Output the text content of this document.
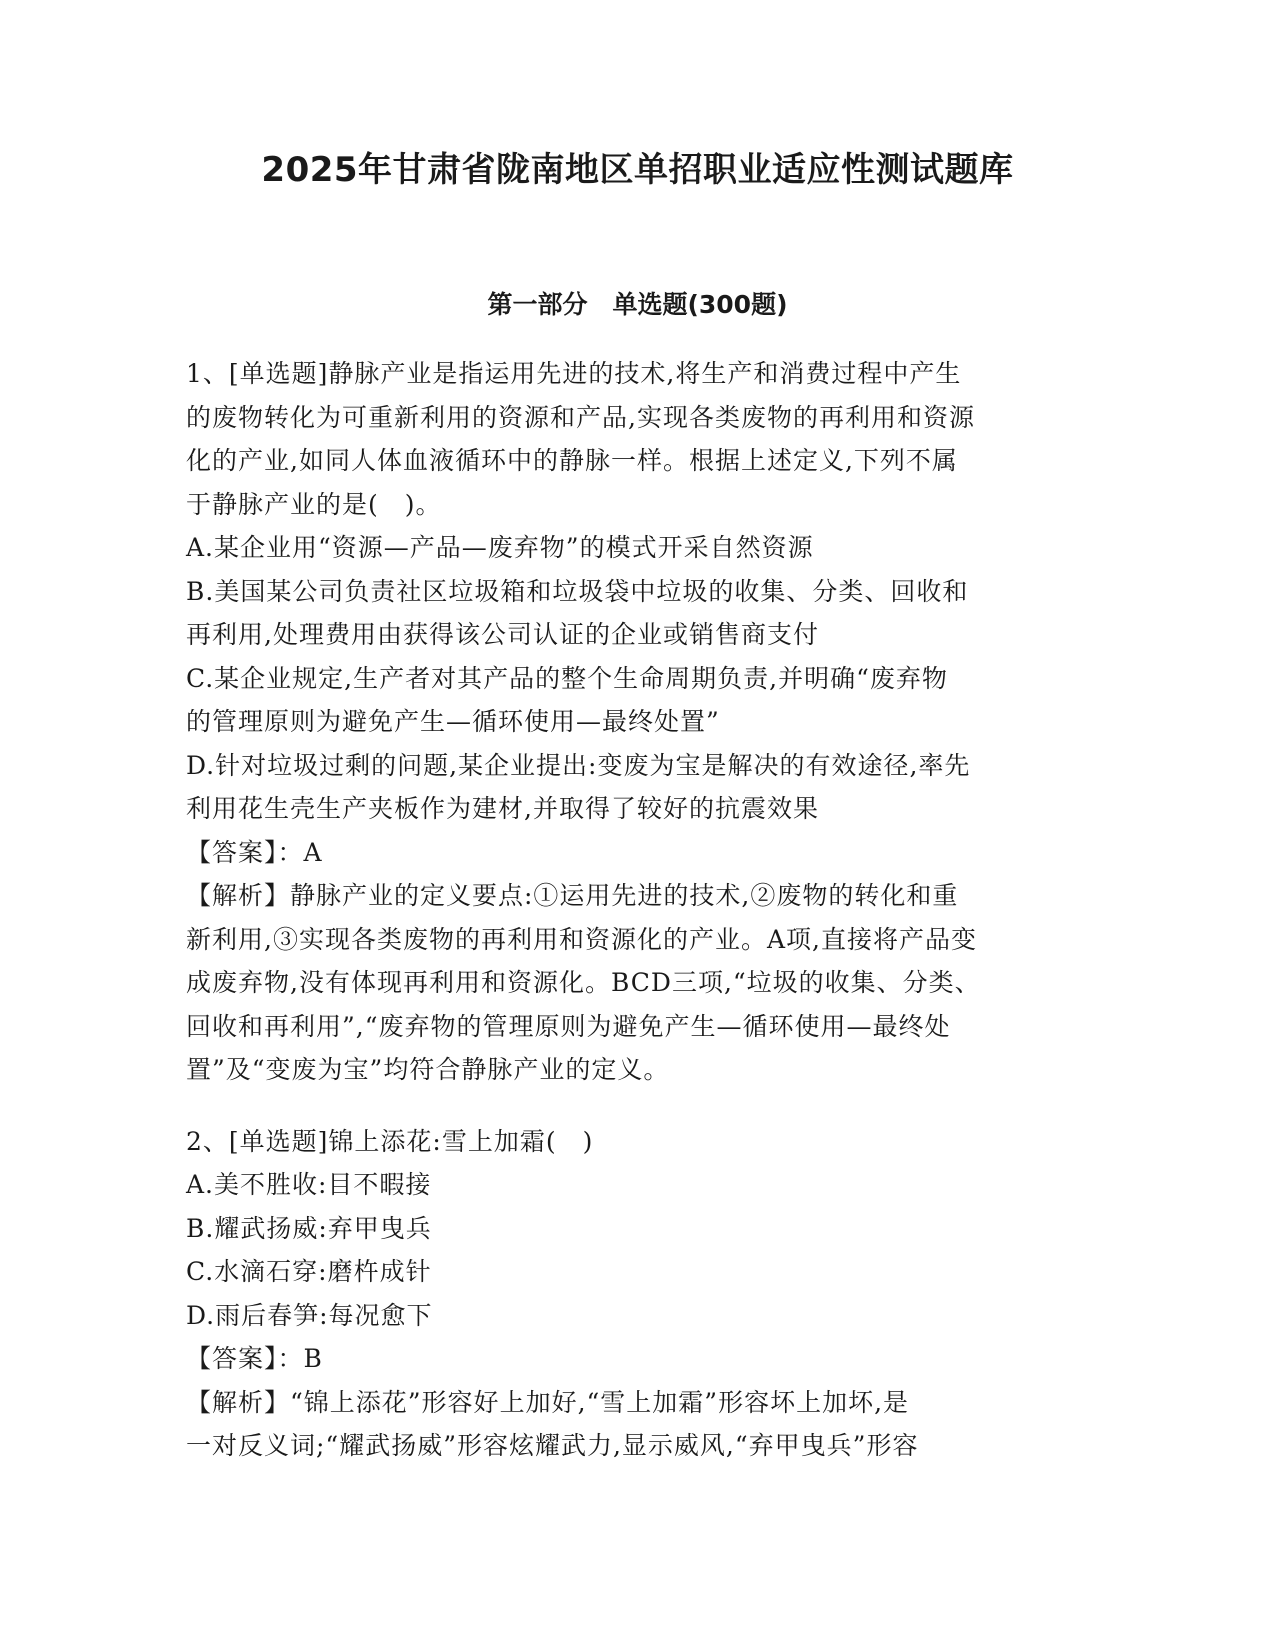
2025年甘肃省陇南地区单招职业适应性测试题库
第一部分　单选题(300题)

1、[单选题]静脉产业是指运用先进的技术,将生产和消费过程中产生

的废物转化为可重新利用的资源和产品,实现各类废物的再利用和资源

化的产业,如同人体血液循环中的静脉一样。根据上述定义,下列不属

于静脉产业的是(　)。

A.某企业用“资源—产品—废弃物”的模式开采自然资源

B.美国某公司负责社区垃圾箱和垃圾袋中垃圾的收集、分类、回收和

再利用,处理费用由获得该公司认证的企业或销售商支付

C.某企业规定,生产者对其产品的整个生命周期负责,并明确“废弃物

的管理原则为避免产生—循环使用—最终处置”

D.针对垃圾过剩的问题,某企业提出:变废为宝是解决的有效途径,率先

利用花生壳生产夹板作为建材,并取得了较好的抗震效果

【答案】：A

【解析】静脉产业的定义要点:①运用先进的技术,②废物的转化和重

新利用,③实现各类废物的再利用和资源化的产业。A项,直接将产品变

成废弃物,没有体现再利用和资源化。BCD三项,“垃圾的收集、分类、

回收和再利用”,“废弃物的管理原则为避免产生—循环使用—最终处

置”及“变废为宝”均符合静脉产业的定义。

2、[单选题]锦上添花:雪上加霜(　)

A.美不胜收:目不暇接

B.耀武扬威:弃甲曳兵

C.水滴石穿:磨杵成针

D.雨后春笋:每况愈下

【答案】：B

【解析】“锦上添花”形容好上加好,“雪上加霜”形容坏上加坏,是

一对反义词;“耀武扬威”形容炫耀武力,显示威风,“弃甲曳兵”形容
